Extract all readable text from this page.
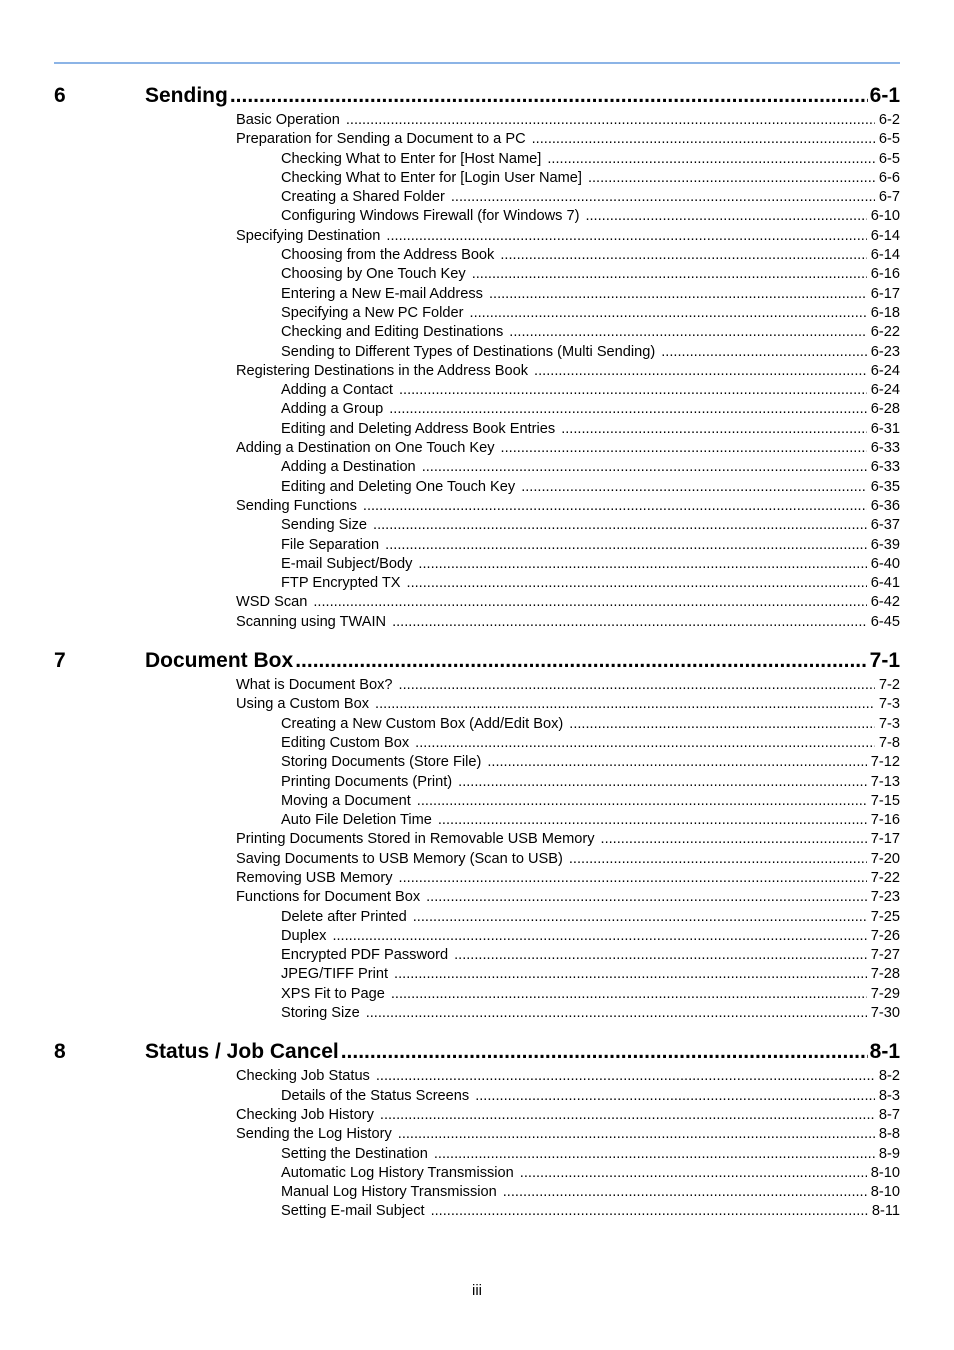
6	Sending .....	6-1
Basic Operation .....	6-2
Preparation for Sending a Document to a PC .....	6-5
Checking What to Enter for [Host Name] .....	6-5
Checking What to Enter for [Login User Name] .....	6-6
Creating a Shared Folder .....	6-7
Configuring Windows Firewall (for Windows 7) .....	6-10
Specifying Destination .....	6-14
Choosing from the Address Book .....	6-14
Choosing by One Touch Key .....	6-16
Entering a New E-mail Address .....	6-17
Specifying a New PC Folder .....	6-18
Checking and Editing Destinations .....	6-22
Sending to Different Types of Destinations (Multi Sending) .....	6-23
Registering Destinations in the Address Book .....	6-24
Adding a Contact .....	6-24
Adding a Group .....	6-28
Editing and Deleting Address Book Entries .....	6-31
Adding a Destination on One Touch Key .....	6-33
Adding a Destination .....	6-33
Editing and Deleting One Touch Key .....	6-35
Sending Functions .....	6-36
Sending Size .....	6-37
File Separation .....	6-39
E-mail Subject/Body .....	6-40
FTP Encrypted TX .....	6-41
WSD Scan .....	6-42
Scanning using TWAIN .....	6-45
7	Document Box .....	7-1
What is Document Box? .....	7-2
Using a Custom Box .....	7-3
Creating a New Custom Box (Add/Edit Box) .....	7-3
Editing Custom Box .....	7-8
Storing Documents (Store File) .....	7-12
Printing Documents (Print) .....	7-13
Moving a Document .....	7-15
Auto File Deletion Time .....	7-16
Printing Documents Stored in Removable USB Memory .....	7-17
Saving Documents to USB Memory (Scan to USB) .....	7-20
Removing USB Memory .....	7-22
Functions for Document Box .....	7-23
Delete after Printed .....	7-25
Duplex .....	7-26
Encrypted PDF Password .....	7-27
JPEG/TIFF Print .....	7-28
XPS Fit to Page .....	7-29
Storing Size .....	7-30
8	Status / Job Cancel .....	8-1
Checking Job Status .....	8-2
Details of the Status Screens .....	8-3
Checking Job History .....	8-7
Sending the Log History .....	8-8
Setting the Destination .....	8-9
Automatic Log History Transmission .....	8-10
Manual Log History Transmission .....	8-10
Setting E-mail Subject .....	8-11
iii
